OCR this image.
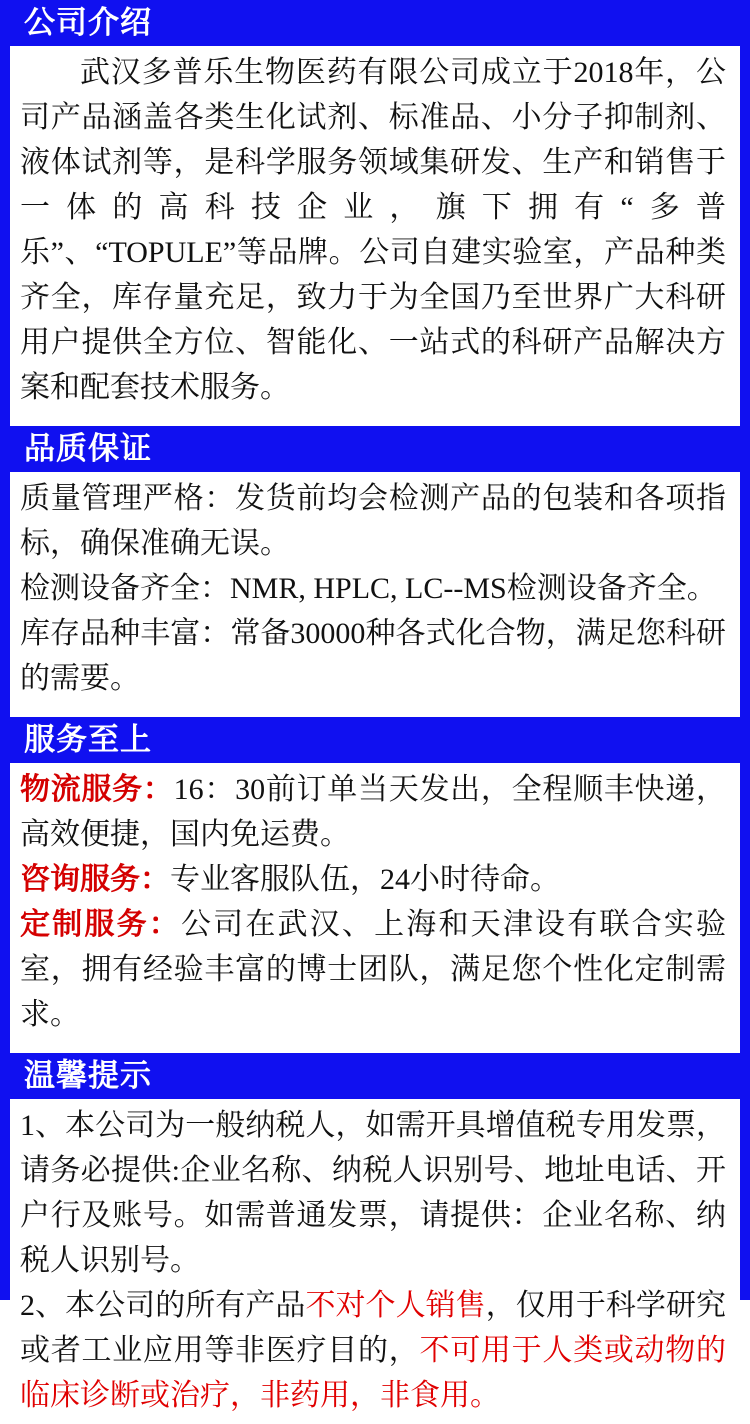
公司介绍

武汉多普乐生物医药有限公司成立于2018年，公司产品涵盖各类生化试剂、标准品、小分子抑制剂、液体试剂等，是科学服务领域集研发、生产和销售于一体的高科技企业，旗下拥有“多普乐”、“TOPULE”等品牌。公司自建实验室，产品种类齐全，库存量充足，致力于为全国乃至世界广大科研用户提供全方位、智能化、一站式的科研产品解决方案和配套技术服务。

品质保证

质量管理严格：发货前均会检测产品的包装和各项指标，确保准确无误。

检测设备齐全：NMR, HPLC, LC--MS检测设备齐全。

库存品种丰富：常备30000种各式化合物，满足您科研的需要。

服务至上

物流服务：16：30前订单当天发出，全程顺丰快递，高效便捷，国内免运费。

咨询服务：专业客服队伍，24小时待命。

定制服务：公司在武汉、上海和天津设有联合实验室，拥有经验丰富的博士团队，满足您个性化定制需求。

温馨提示

1、本公司为一般纳税人，如需开具增值税专用发票，请务必提供:企业名称、纳税人识别号、地址电话、开户行及账号。如需普通发票，请提供：企业名称、纳税人识别号。

2、本公司的所有产品不对个人销售，仅用于科学研究或者工业应用等非医疗目的，不可用于人类或动物的临床诊断或治疗，非药用，非食用。
